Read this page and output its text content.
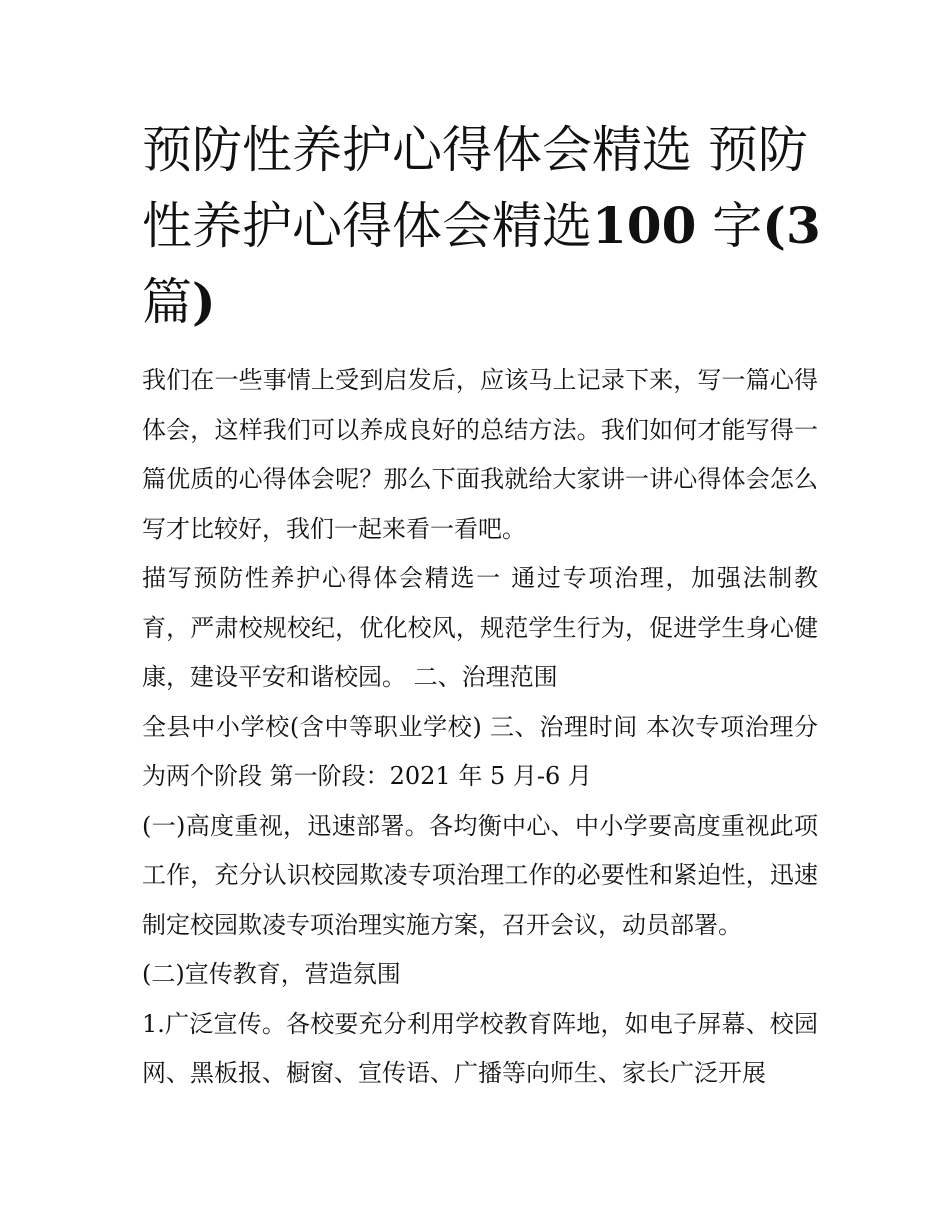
预防性养护心得体会精选 预防性养护心得体会精选100 字(3篇)

我们在一些事情上受到启发后，应该马上记录下来，写一篇心得体会，这样我们可以养成良好的总结方法。我们如何才能写得一篇优质的心得体会呢？那么下面我就给大家讲一讲心得体会怎么写才比较好，我们一起来看一看吧。

描写预防性养护心得体会精选一 通过专项治理，加强法制教育，严肃校规校纪，优化校风，规范学生行为，促进学生身心健康，建设平安和谐校园。 二、治理范围

全县中小学校(含中等职业学校) 三、治理时间 本次专项治理分为两个阶段 第一阶段：2021 年 5 月-6 月

(一)高度重视，迅速部署。各均衡中心、中小学要高度重视此项工作，充分认识校园欺凌专项治理工作的必要性和紧迫性，迅速制定校园欺凌专项治理实施方案，召开会议，动员部署。

(二)宣传教育，营造氛围

1.广泛宣传。各校要充分利用学校教育阵地，如电子屏幕、校园网、黑板报、橱窗、宣传语、广播等向师生、家长广泛开展
